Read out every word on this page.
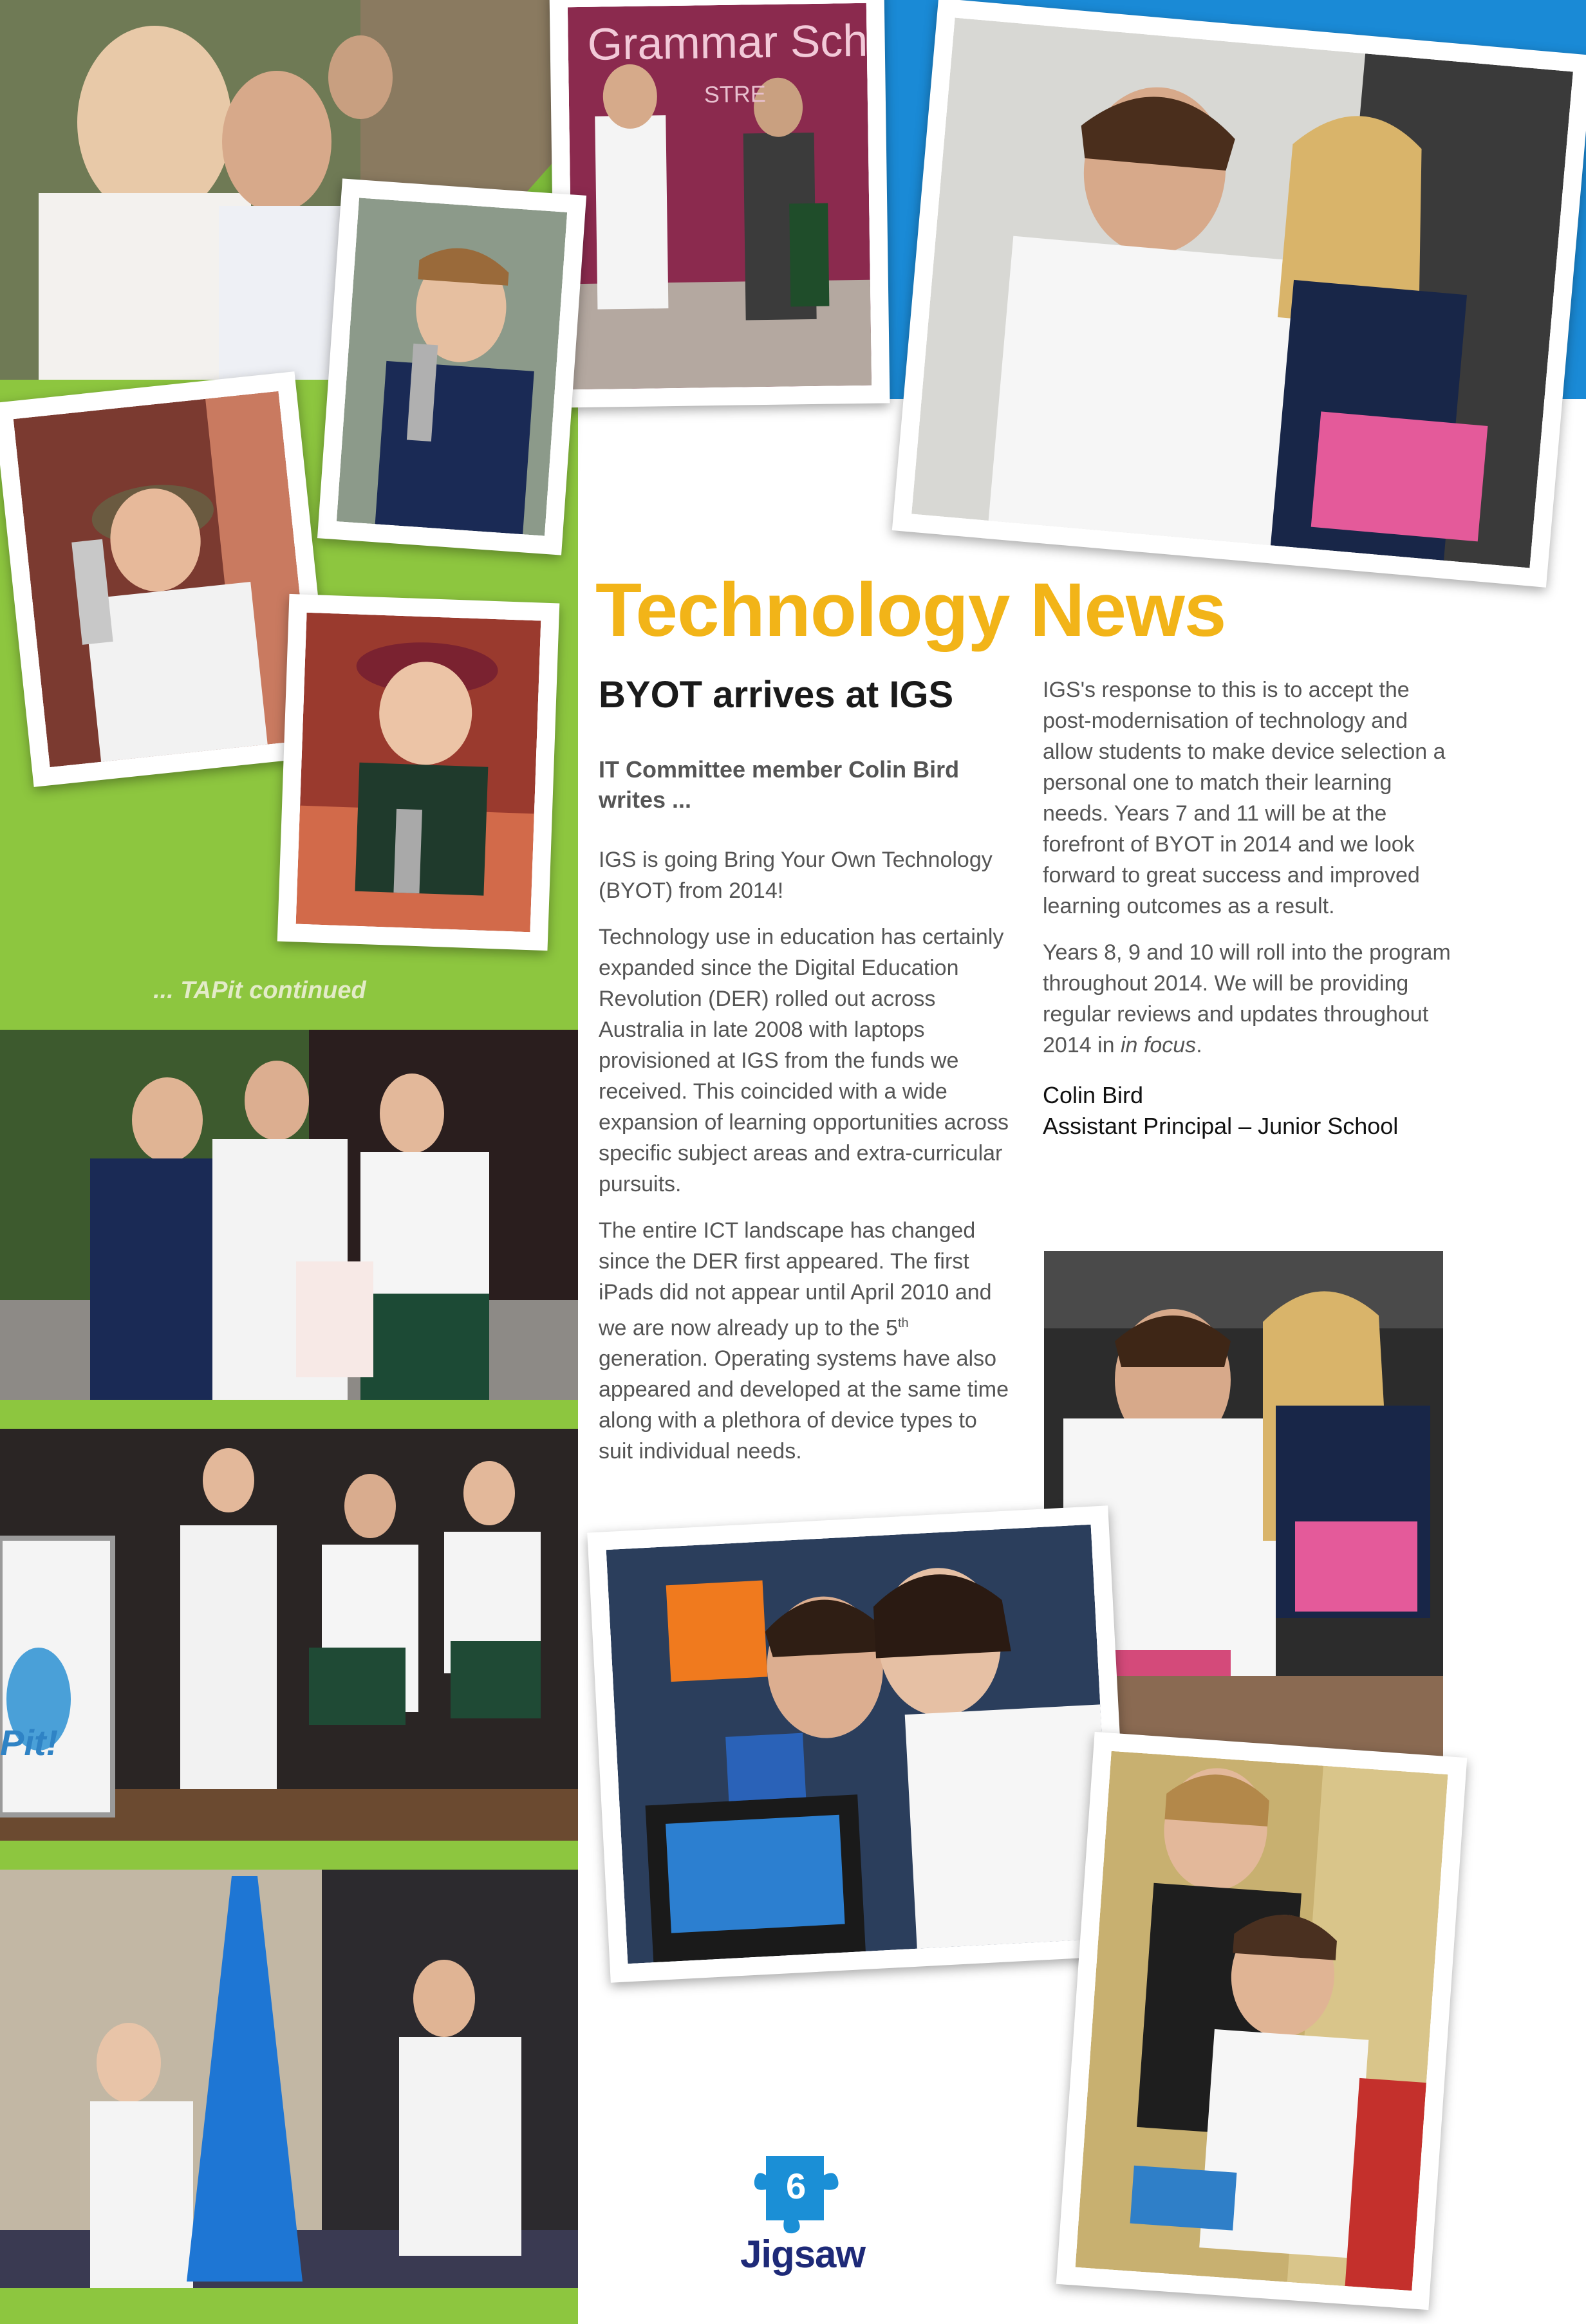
Grammar Sch
STRE
... TAPit continued
Pit!
Technology News
BYOT arrives at IGS

IT Committee member Colin Bird writes ...

IGS is going Bring Your Own Technology (BYOT) from 2014!

Technology use in education has certainly expanded since the Digital Education Revolution (DER) rolled out across Australia in late 2008 with laptops provisioned at IGS from the funds we received. This coincided with a wide expansion of learning opportunities across specific subject areas and extra-curricular pursuits.

The entire ICT landscape has changed since the DER first appeared. The first iPads did not appear until April 2010 and we are now already up to the 5th generation. Operating systems have also appeared and developed at the same time along with a plethora of device types to suit individual needs.

IGS's response to this is to accept the post-modernisation of technology and allow students to make device selection a personal one to match their learning needs. Years 7 and 11 will be at the forefront of BYOT in 2014 and we look forward to great success and improved learning outcomes as a result.

Years 8, 9 and 10 will roll into the program throughout 2014. We will be providing regular reviews and updates throughout 2014 in in focus.

Colin Bird
Assistant Principal – Junior School
6
Jigsaw
